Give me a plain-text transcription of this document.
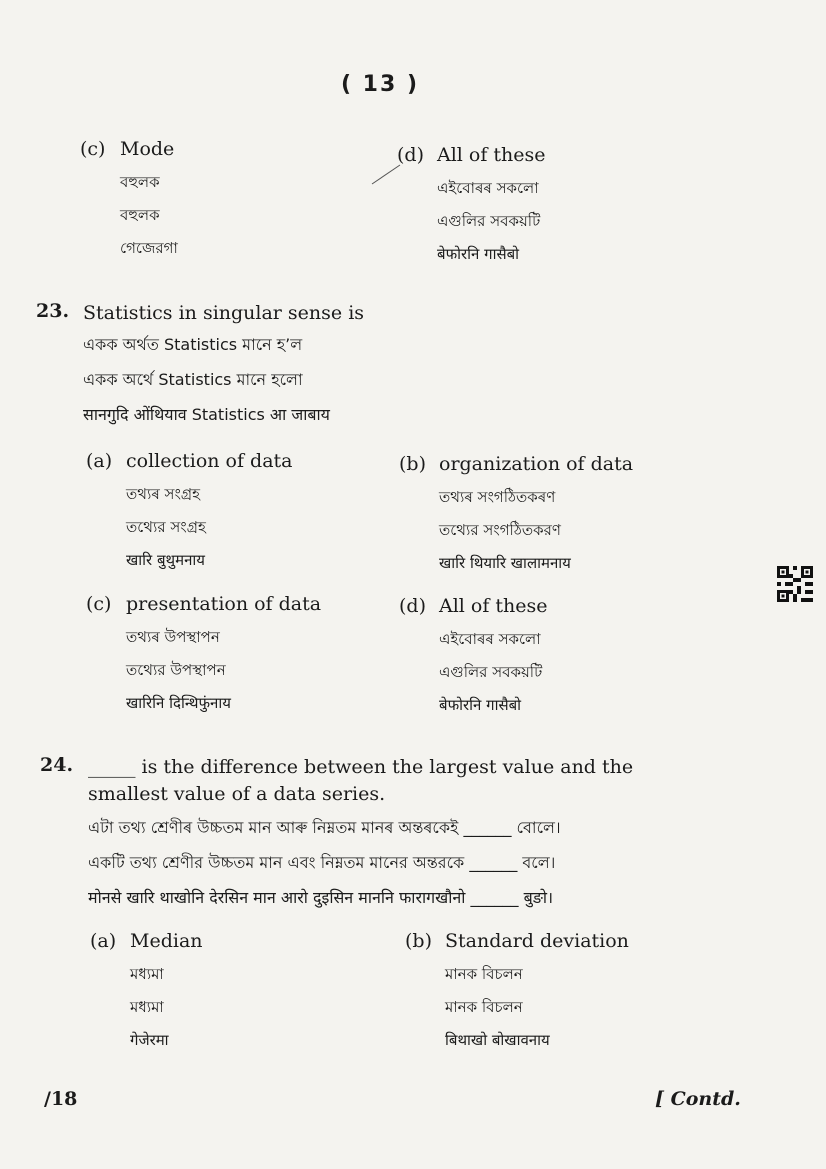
( 13 )
(c) Mode
বহুলক
বহুলক
গেজেরগা
(d) All of these
এইবোৰৰ সকলো
এগুলির সবকয়টি
बेफोरनि गासैबो
23. Statistics in singular sense is
একক অৰ্থত Statistics মানে হ’ল
একক অর্থে Statistics মানে হলো
सानगुदि ओंथियाव Statistics आ जाबाय
(a) collection of data
তথ্যৰ সংগ্ৰহ
তথ্যের সংগ্রহ
खारि बुथुमनाय
(b) organization of data
তথ্যৰ সংগঠিতকৰণ
তথ্যের সংগঠিতকরণ
खारि थियारि खालामनाय
(c) presentation of data
তথ্যৰ উপস্থাপন
তথ্যের উপস্থাপন
खारिनि दिन्थिफुंनाय
(d) All of these
এইবোৰৰ সকলো
এগুলির সবকয়টি
बेफोरनि गासैबो
24. _____ is the difference between the largest value and the
smallest value of a data series.
এটা তথ্য শ্ৰেণীৰ উচ্চতম মান আৰু নিম্নতম মানৰ অন্তৰকেই ______ বোলে।
একটি তথ্য শ্রেণীর উচ্চতম মান এবং নিম্নতম মানের অন্তরকে ______ বলে।
मोनसे खारि थाखोनि देरसिन मान आरो दुइसिन माननि फारागखौनो ______ बुङो।
(a) Median
মধ্যমা
মধ্যমা
गेजेरमा
(b) Standard deviation
মানক বিচলন
মানক বিচলন
बिथाखो बोखावनाय
/18	[ Contd.
